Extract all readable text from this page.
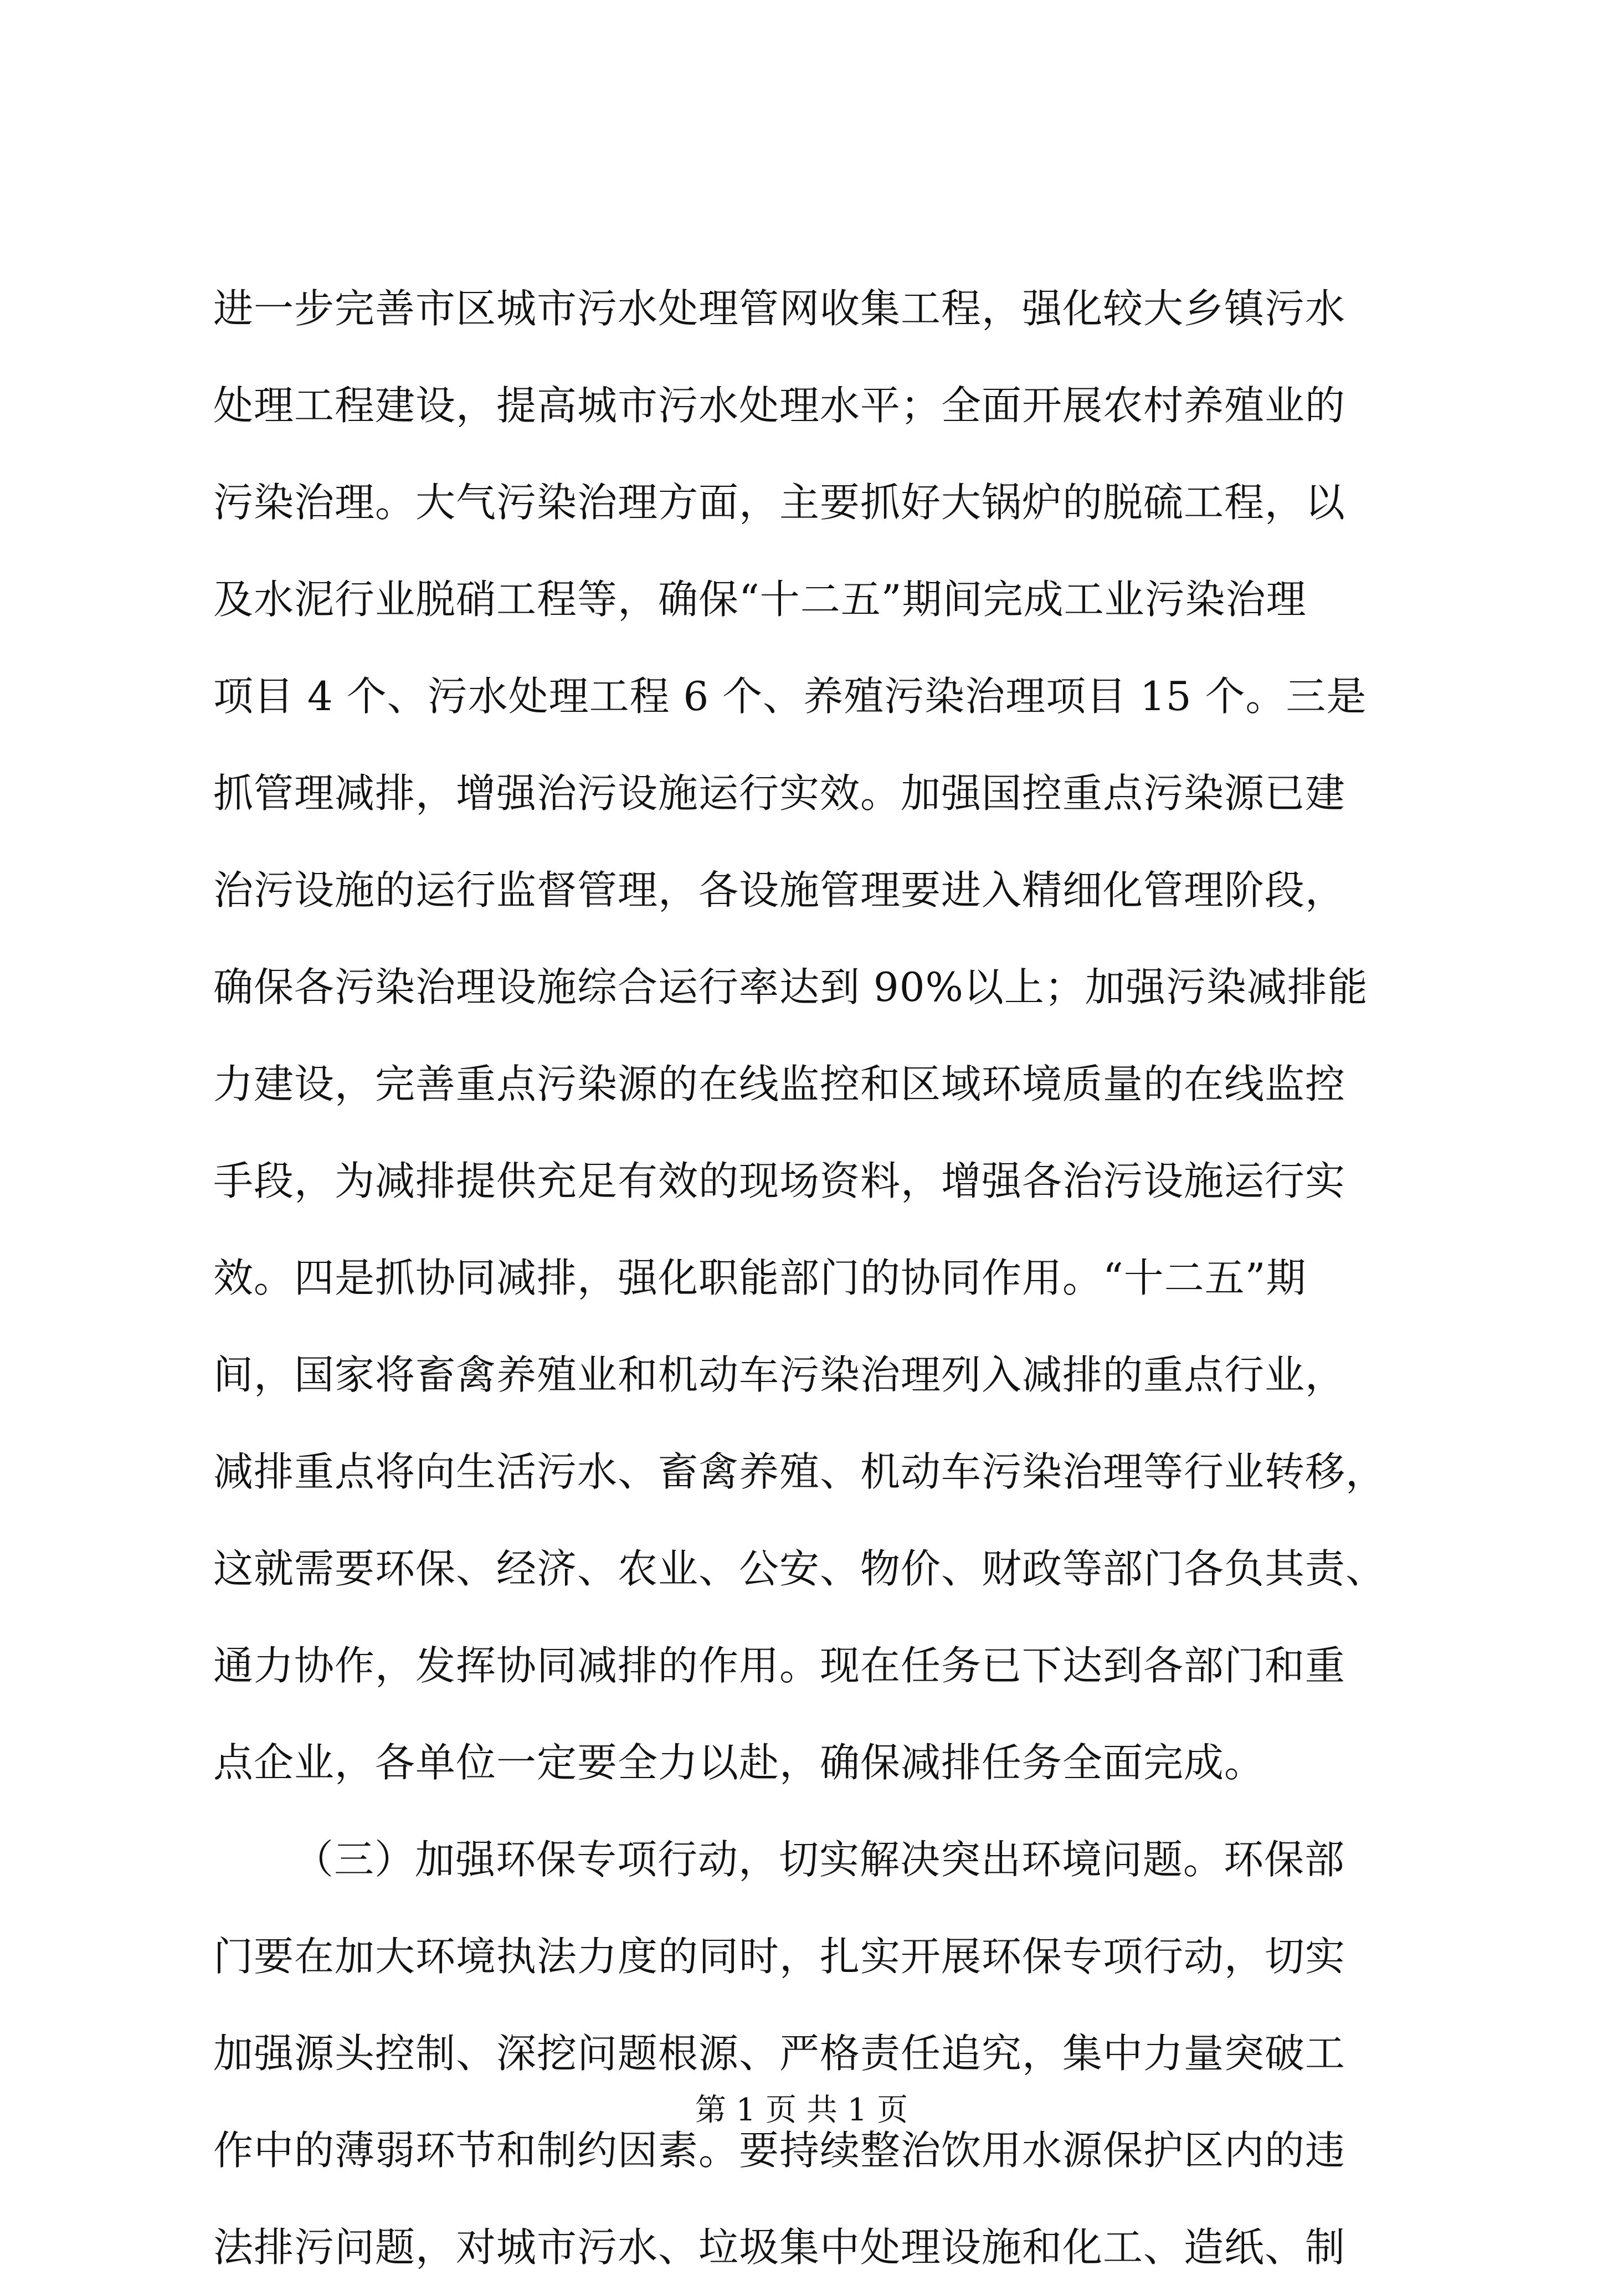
进一步完善市区城市污水处理管网收集工程，强化较大乡镇污水
处理工程建设，提高城市污水处理水平；全面开展农村养殖业的
污染治理。大气污染治理方面，主要抓好大锅炉的脱硫工程，以
及水泥行业脱硝工程等，确保“十二五”期间完成工业污染治理
项目 4 个、污水处理工程 6 个、养殖污染治理项目 15 个。三是
抓管理减排，增强治污设施运行实效。加强国控重点污染源已建
治污设施的运行监督管理，各设施管理要进入精细化管理阶段，
确保各污染治理设施综合运行率达到 90%以上；加强污染减排能
力建设，完善重点污染源的在线监控和区域环境质量的在线监控
手段，为减排提供充足有效的现场资料，增强各治污设施运行实
效。四是抓协同减排，强化职能部门的协同作用。“十二五”期
间，国家将畜禽养殖业和机动车污染治理列入减排的重点行业，
减排重点将向生活污水、畜禽养殖、机动车污染治理等行业转移，
这就需要环保、经济、农业、公安、物价、财政等部门各负其责、
通力协作，发挥协同减排的作用。现在任务已下达到各部门和重
点企业，各单位一定要全力以赴，确保减排任务全面完成。
（三）加强环保专项行动，切实解决突出环境问题。环保部
门要在加大环境执法力度的同时，扎实开展环保专项行动，切实
加强源头控制、深挖问题根源、严格责任追究，集中力量突破工
作中的薄弱环节和制约因素。要持续整治饮用水源保护区内的违
法排污问题，对城市污水、垃圾集中处理设施和化工、造纸、制
第 1 页 共 1 页
